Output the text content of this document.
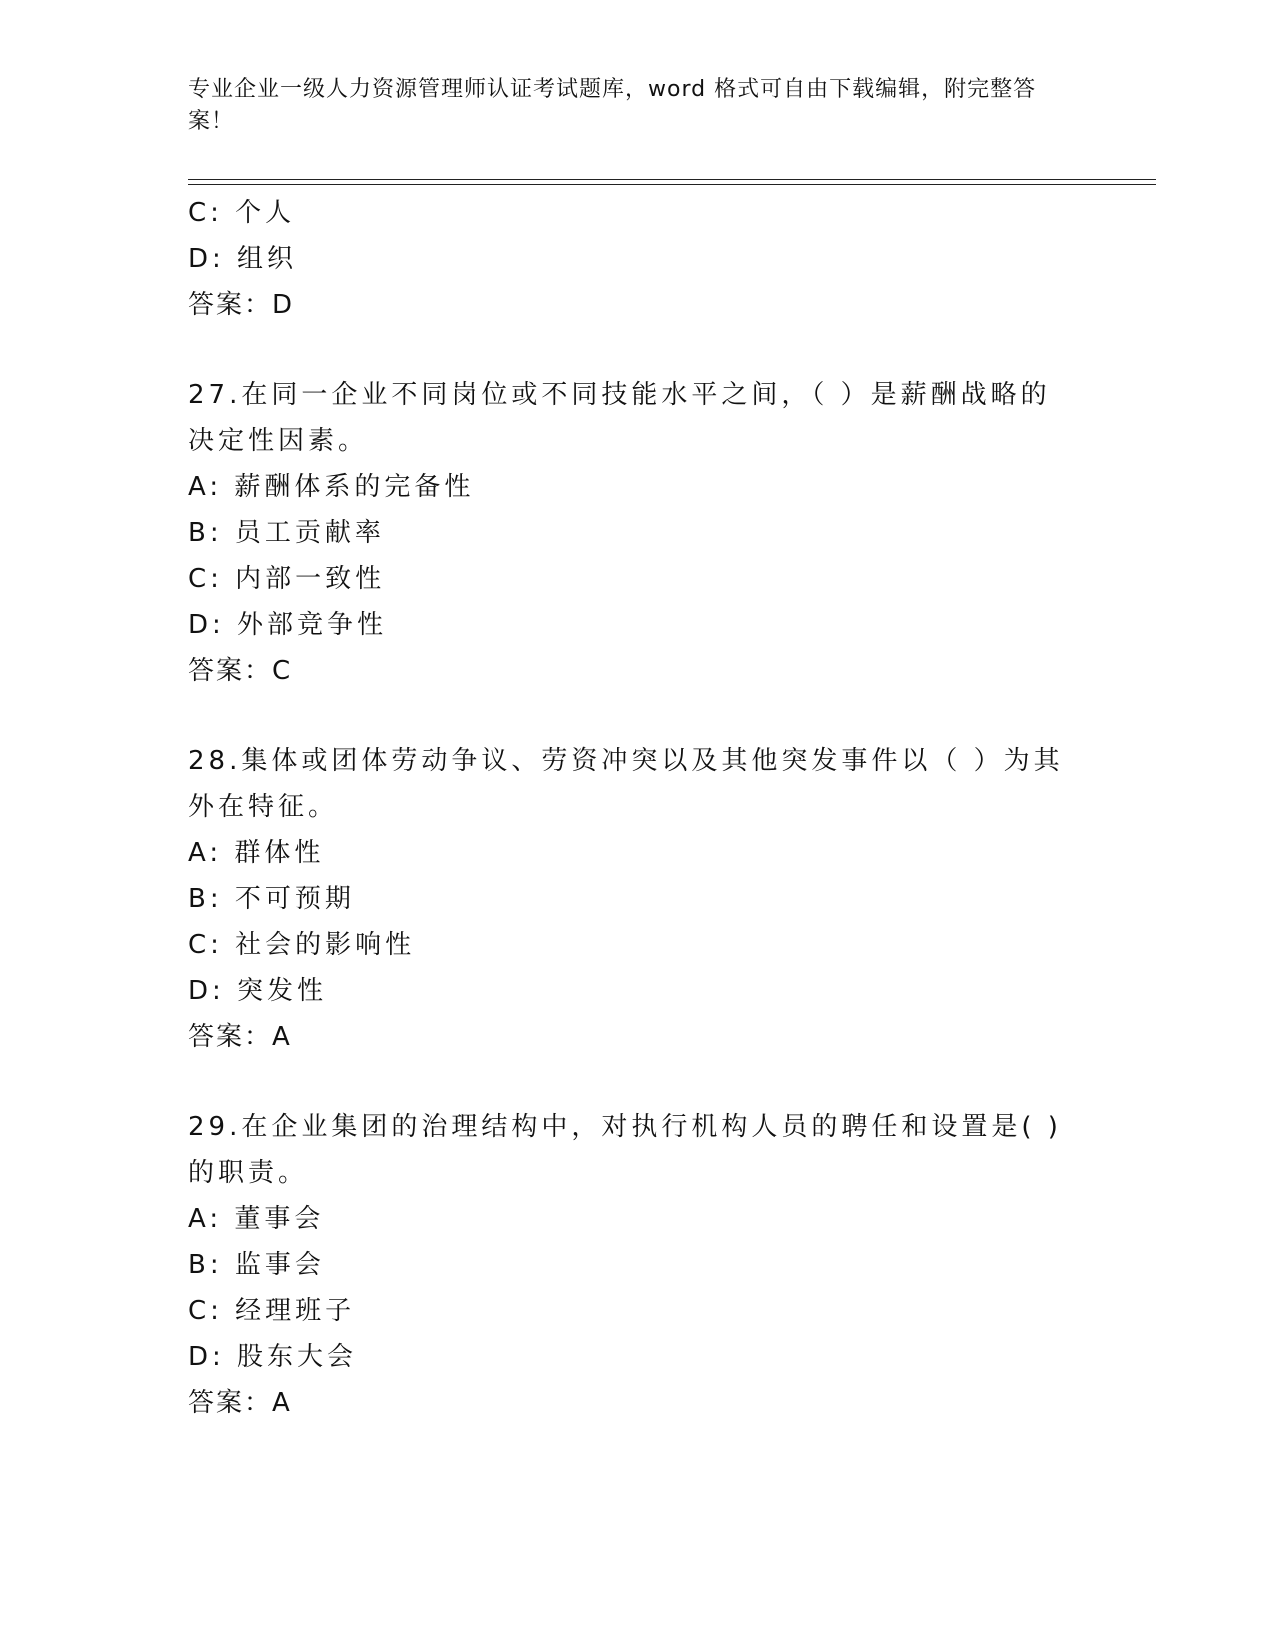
专业企业一级人力资源管理师认证考试题库，word 格式可自由下载编辑，附完整答案！
C: 个人
D: 组织
答案：D
27.在同一企业不同岗位或不同技能水平之间，（ ）是薪酬战略的决定性因素。
A: 薪酬体系的完备性
B: 员工贡献率
C: 内部一致性
D: 外部竞争性
答案：C
28.集体或团体劳动争议、劳资冲突以及其他突发事件以（ ）为其外在特征。
A: 群体性
B: 不可预期
C: 社会的影响性
D: 突发性
答案：A
29.在企业集团的治理结构中，对执行机构人员的聘任和设置是( )的职责。
A: 董事会
B: 监事会
C: 经理班子
D: 股东大会
答案：A
